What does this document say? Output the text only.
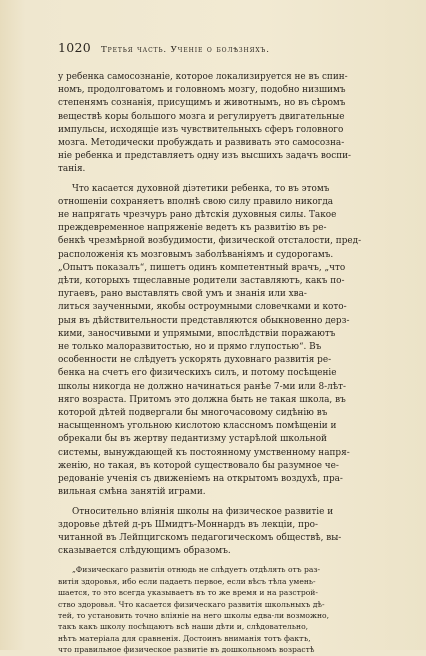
1020 Третья часть. Ученiе о болѣзняхъ.

у ребенка самосознанiе, которое локализируется не въ спин-
номъ, продолговатомъ и головномъ мозгу, подобно низшимъ
степенямъ сознанiя, присущимъ и животнымъ, но въ сѣромъ
веществѣ коры большого мозга и регулируетъ двигательные
импульсы, исходящiе изъ чувствительныхъ сферъ головного
мозга. Методически пробуждать и развивать это самосозна-
нiе ребенка и представляетъ одну изъ высшихъ задачъ воспи-
танiя.

Что касается духовной дiэтетики ребенка, то въ этомъ
отношенiи сохраняетъ вполнѣ свою силу правило никогда
не напрягать чрезчуръ рано дѣтскiя духовныя силы. Такое
преждевременное напряженiе ведетъ къ развитiю въ ре-
бенкѣ чрезмѣрной возбудимости, физической отсталости, пред-
расположенiя къ мозговымъ заболѣванiямъ и судорогамъ.
„Опытъ показалъ“, пишетъ одинъ компетентный врачъ, „что
дѣти, которыхъ тщеславные родители заставляютъ, какъ по-
пугаевъ, рано выставлять свой умъ и знанiя или хва-
литься заученными, якобы остроумными словечками и кото-
рыя въ дѣйствительности представляются обыкновенно дерз-
кими, заносчивыми и упрямыми, впослѣдствiи поражаютъ
не только малоразвитостью, но и прямо глупостью“. Въ
особенности не слѣдуетъ ускорять духовнаго развитiя ре-
бенка на счетъ его физическихъ силъ, и потому посѣщенiе
школы никогда не должно начинаться ранѣе 7-ми или 8-лѣт-
няго возраста. Притомъ это должна быть не такая школа, въ
которой дѣтей подвергали бы многочасовому сидѣнiю въ
насыщенномъ угольною кислотою классномъ помѣщенiи и
обрекали бы въ жертву педантизму устарѣлой школьной
системы, вынуждающей къ постоянному умственному напря-
женiю, но такая, въ которой существовало бы разумное че-
редованiе ученiя съ движенiемъ на открытомъ воздухѣ, пра-
вильная смѣна занятiй играми.

Относительно влiянiя школы на физическое развитiе и
здоровье дѣтей д-ръ Шмидтъ-Моннардъ въ лекцiи, про-
читанной въ Лейпцигскомъ педагогическомъ обществѣ, вы-
сказывается слѣдующимъ образомъ.

„Физическаго развитiя отнюдь не слѣдуетъ отдѣлять отъ раз-
витiя здоровья, ибо если падаетъ первое, если вѣсъ тѣла умень-
шается, то это всегда указываетъ въ то же время и на разстрой-
ство здоровья. Что касается физическаго развитiя школьныхъ дѣ-
тей, то установить точно влiянiе на него школы едва-ли возможно,
такъ какъ школу посѣщаютъ всѣ наши дѣти и, слѣдовательно,
нѣтъ матерiала для сравненiя. Достоинъ вниманiя тотъ фактъ,
что правильное физическое развитiе въ дошкольномъ возрастѣ
